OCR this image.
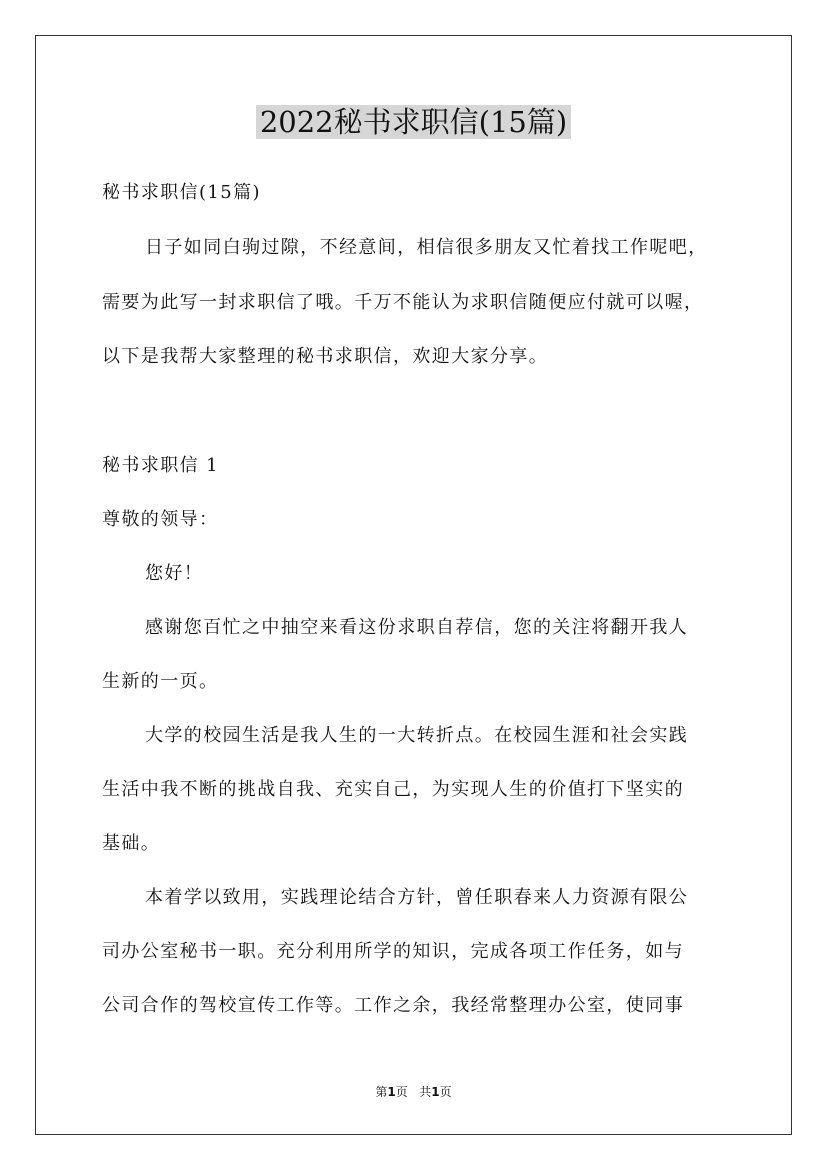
2022秘书求职信(15篇)
秘书求职信(15篇)
日子如同白驹过隙，不经意间，相信很多朋友又忙着找工作呢吧，
需要为此写一封求职信了哦。千万不能认为求职信随便应付就可以喔，
以下是我帮大家整理的秘书求职信，欢迎大家分享。
秘书求职信 1
尊敬的领导：
您好！
感谢您百忙之中抽空来看这份求职自荐信，您的关注将翻开我人
生新的一页。
大学的校园生活是我人生的一大转折点。在校园生涯和社会实践
生活中我不断的挑战自我、充实自己，为实现人生的价值打下坚实的
基础。
本着学以致用，实践理论结合方针，曾任职春来人力资源有限公
司办公室秘书一职。充分利用所学的知识，完成各项工作任务，如与
公司合作的驾校宣传工作等。工作之余，我经常整理办公室，使同事
第1页   共1页
